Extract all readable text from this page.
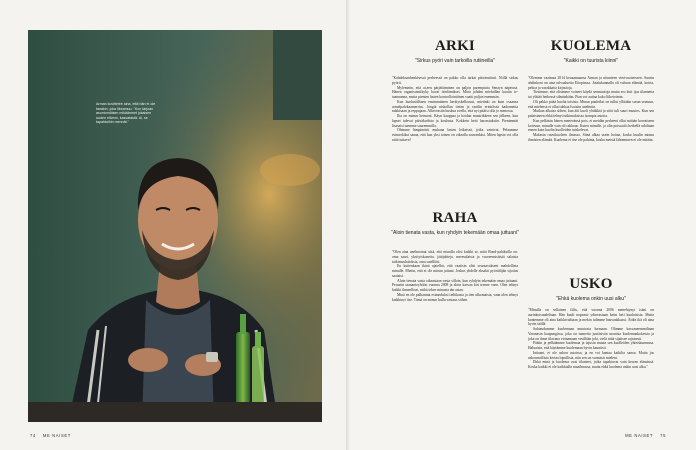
Arman kuvittelee aina, että hän ei ole tanakin, joka ilkeamuu. "Kun tarjoan asuntomäisen mikäänmet jokaisen uuden elämm, kasvatastä. Ai, se tapahtuihin mennät."
74 ME NAISET
ARKI
"Sirkus pyöri vain tarkoilla rutiineilla"

"Kahdeksanhenkisessä perheessä on pakko olla tarkat päivärutiinit. Niillä sirkus pyörii.

Mylemeän, että ai,een pärjättäminen on paljon parempinta Senayn näpeissä. Hänen organisointikyky kovat öönlämikset. Minä johdan mieluillan kuaiin tv-taannanna, mutta pienten lasten kontrollointiinen vaatii paljon enemmän.

Kun huolustillinen ensimmäinen herätyskelloruut, mietinki on kuin osaansa armelpalokaamerrias. Jongiä niskollan tietän ja ranilin erintöissä kadonneita nakkisaan ja reppujaan. Alkervastin buskua ovella, että nyt pitäisi olla jo menossa.

Ilta on minun heimoni. Käyn kauppaa ja hoidan muutrikkeen sen jälkeen, kun lapset tulevat päiväkodista ja koulusta. Kokkein heiti harrastuksiin. Pienimmät lisasaisi tuemme suuremmilla.

Olemme lämpimästi mukana lasten leikeissä, jotka vainivat. Pelaamme esimerkiksi sanaa, että kun yksi toinen on oikealla sauvankäsi. Miten lapsia voi olla niitä tuttava?

RAHA
"Aloin tienata vasta, kun ryhdyin tekemään omaa juttuani"

"Olen aina unelmoinut siitä, että minulla olisi kaikki se, mitä Bond-pahiksilla on: oma saari, yksityiskoneita, jättijahteja, meresalaista ja vuoreensisäisiä salaisia tutkimuslaitoksia, oma satelliitti.

En kuitenkaan ikinä ajatellut, että vaatisin olisi seuraavakseni mahdollista minulle. Mietin, että ei ole minun juttuni. Joskus yhdelle eksakti pyöräilijän sijoitus saataisi.

Aloin tienata vasta oikeastaan vasta silloin, kun ryhdyin tekemään omaa juttuani. Perustin taanantoyhtiön vuonna 2008 ja aloin kasvaa kiri trenne vaen. Olen tehnyt kaikki ihmeelliset, mikä tekee minusta tän asian.

Minä en ole palkannut esimerkiksi tieliikasta ja tien ulkomaista, vaan olen tehnyt kaikkinyt itse. Tämä on minun hullu vastaus siihen.

KUOLEMA
"Kaikki on tuurista kiinni"

"Olemme vaaimaa 2014 keuaamaansa Arman ja niinnieen vierivuoteeseen. Suurin ahdinkoni on aina tulvaalueita Etiopiassa. Jotainkunnalla oli vahvaa elämää, koiria, peltoa ja varakkaita kirjastoja.

Tiesimme, että olisimme voineet käydä senmuotoja mutta ero kuit ijoa tilannetta tai ylittää hetkessä silmiinkään. Pian voi auttaa koko liiketoimin.

Oli pakko pitää huolta toisista. Minun puuleiksi on tullut yllättäin surun seutuun, että mielensä ei ollut tuhkaa Isoisiin unelmiin.

Mutkan alkaisa siihen, kun äiti kuoli yhtäkkiä ja siitä tuli suuri muutos. Kun sen palaisineen ehkä tehnyt tutkimuksissa isompia asioita.

Kun pelkäsin hänen menevänsä pois, ei meidän perheeni ollut mitään koreaiseen koivuun, minulle vain oli rakkaus. Kuten minulle, ja olin poissaolo hetkellä arkiltaan ennen kuin kuolin kuolleiden tuiskelevat.

Makasin ruuvikuoleen ilmassa. Siinä alkaa usein hoitaa, koska kuulin minun ihmisten elämää. Kuolema ei itse ole pahinta, koska meistä lähteminen ei ole mitään.

USKO
"Ehkä kuolema onkin uusi alku"

"Minulla on sellainen fiilis, että vuonna 2006 menehtynyt isäni on aurinkoisuudeltaan. Hän kuuli nopeasti ydinvastaan ketin heti kuuluisista. Mutta kuntemme oli aina kaikkivaltiaan ja mekin tulimme hauvaakkaasi. Äidin ikä oli aina hyvin täällä.

Suhtaudumme kuolemaan muutosia lurmaan. Olimme kasvaneemmiltaan Varanasin kaupungissa, joka on tunnettu juutäsivän monista kuolemankokeista ja joka on ihme tilavana virtaamaan vesillään joki, vielä niitä sijaitsee rajaisesti.

Päätin ja pelkäämme kuolemaa ja tajusin muuta sen kuolleiden yhteiskunnassa. Haluaisin, että käytämme kuolemaan hyvin kauniisti.

Intiaani, ei ole uskon asioissa, ja en voi kantaa kaikilta sanoa. Mutta jos uskonnoillista kertaa lopullisia, niin sen on varmasti mieleni.

Ehkä minä ja kuolema ovat tilanteet, jotka tapahtuvat vain kerran elämässä. Koska kaikki ei ole kaikkialla maailmassa, mutta ehkä kuolema onkin uusi alku."

ME NAISET 75
